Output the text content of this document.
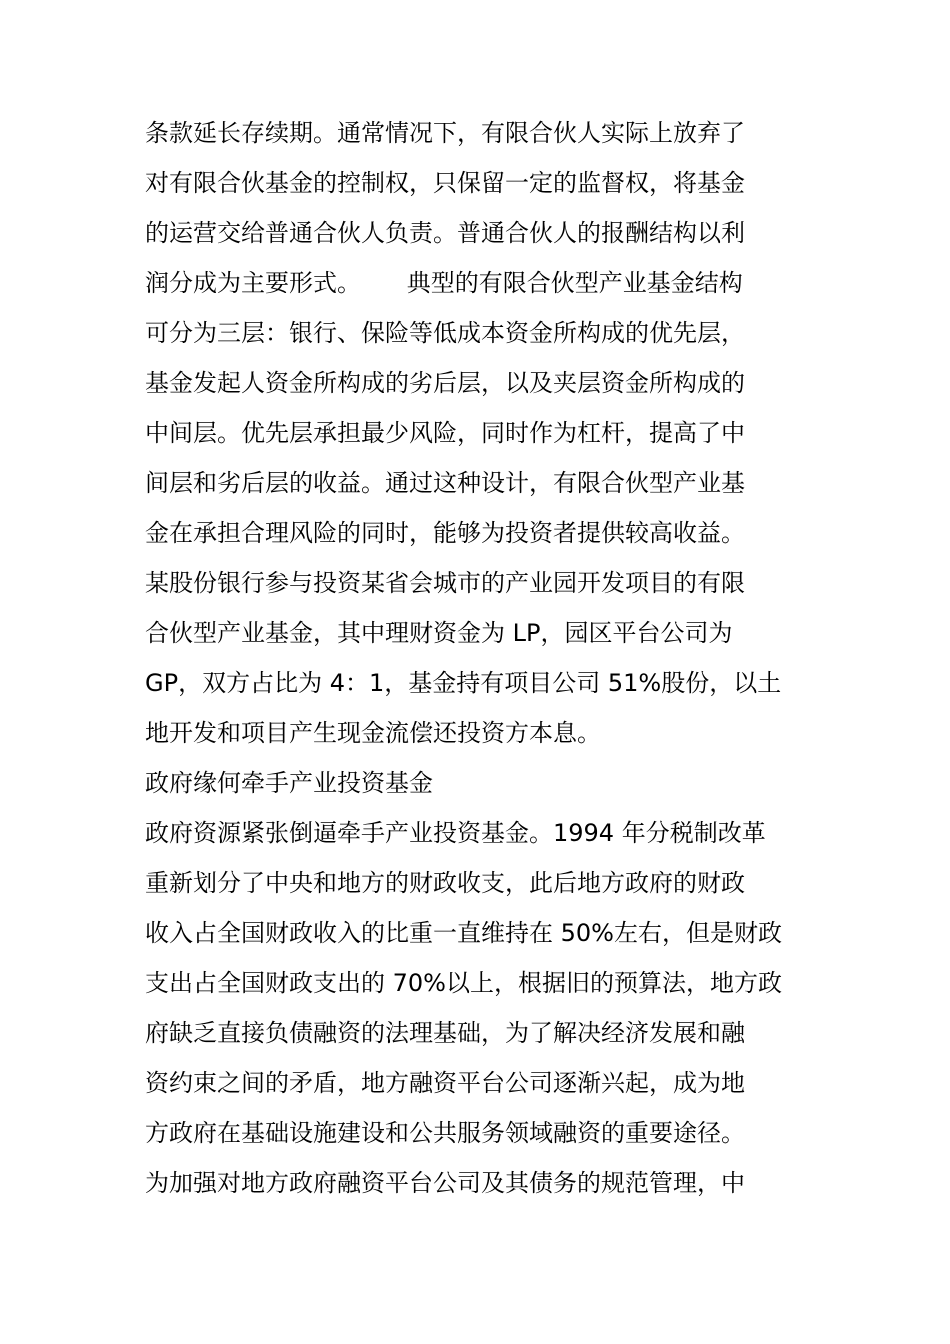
条款延长存续期。通常情况下，有限合伙人实际上放弃了
对有限合伙基金的控制权，只保留一定的监督权，将基金
的运营交给普通合伙人负责。普通合伙人的报酬结构以利
润分成为主要形式。      典型的有限合伙型产业基金结构
可分为三层：银行、保险等低成本资金所构成的优先层，
基金发起人资金所构成的劣后层，以及夹层资金所构成的
中间层。优先层承担最少风险，同时作为杠杆，提高了中
间层和劣后层的收益。通过这种设计，有限合伙型产业基
金在承担合理风险的同时，能够为投资者提供较高收益。
某股份银行参与投资某省会城市的产业园开发项目的有限
合伙型产业基金，其中理财资金为 LP，园区平台公司为
GP，双方占比为 4：1，基金持有项目公司 51%股份，以土
地开发和项目产生现金流偿还投资方本息。
政府缘何牵手产业投资基金
政府资源紧张倒逼牵手产业投资基金。1994 年分税制改革
重新划分了中央和地方的财政收支，此后地方政府的财政
收入占全国财政收入的比重一直维持在 50%左右，但是财政
支出占全国财政支出的 70%以上，根据旧的预算法，地方政
府缺乏直接负债融资的法理基础，为了解决经济发展和融
资约束之间的矛盾，地方融资平台公司逐渐兴起，成为地
方政府在基础设施建设和公共服务领域融资的重要途径。
为加强对地方政府融资平台公司及其债务的规范管理，中
